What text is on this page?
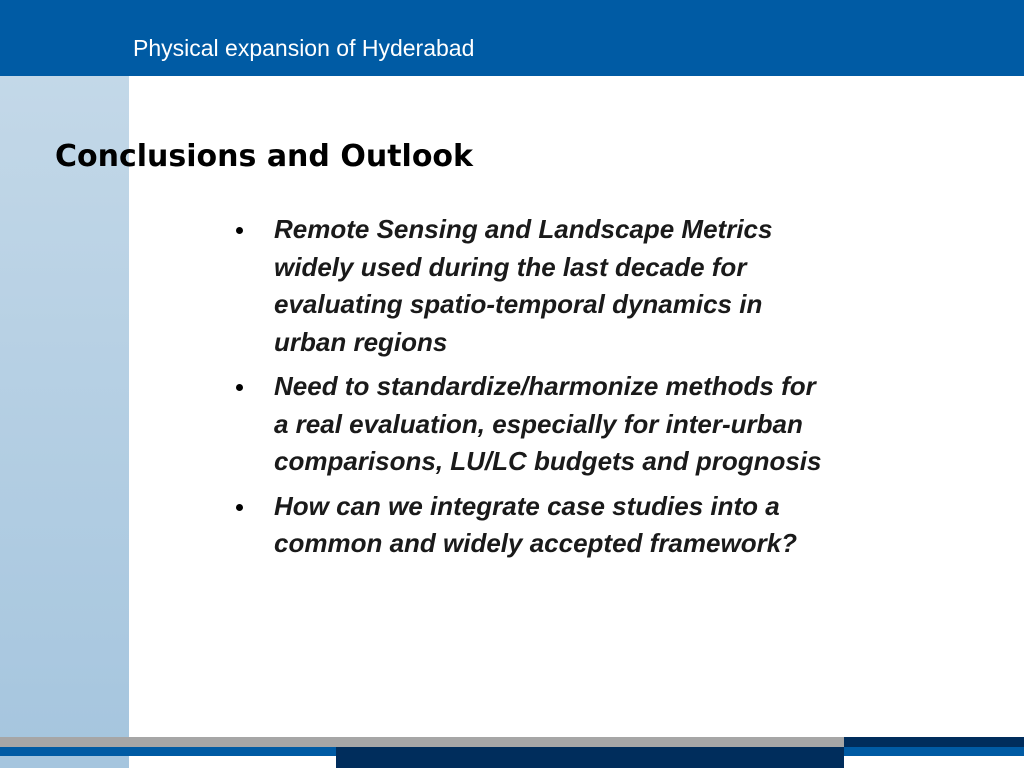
Physical expansion of Hyderabad
Conclusions and Outlook
Remote Sensing and Landscape Metrics
widely used during the last decade for
evaluating spatio-temporal dynamics in
urban regions
Need to standardize/harmonize methods for
a real evaluation, especially for inter-urban
comparisons, LU/LC budgets and prognosis
How can we integrate case studies into a
common and widely accepted framework?
